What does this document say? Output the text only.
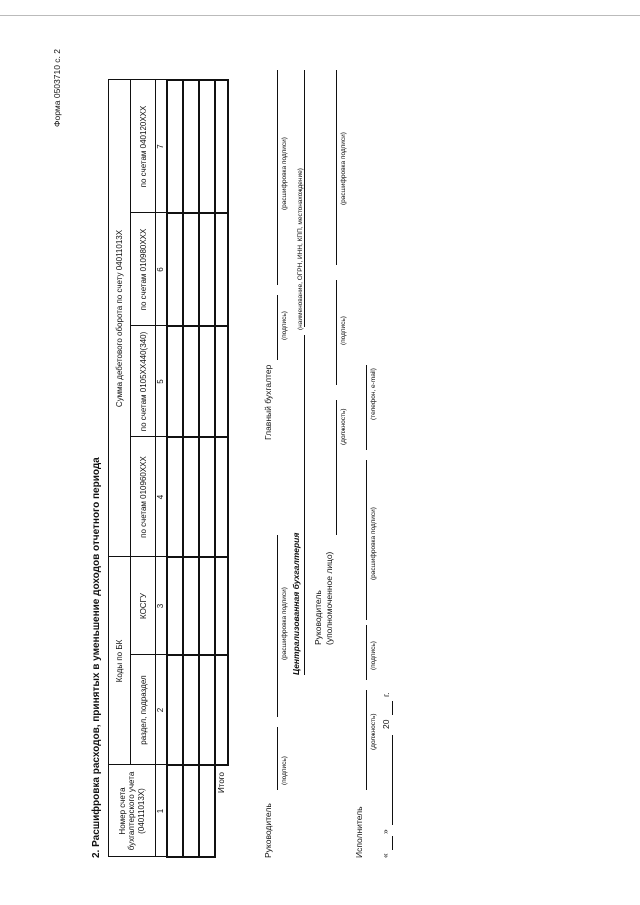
Форма 0503710 с. 2
2. Расшифровка расходов, принятых в уменьшение доходов отчетного периода Номер счета бухгалтерского учета (04011013Х)	Коды по БК		Сумма дебетового оборота по счету 04011013Х			
	раздел, подраздел	КОСГУ	по счетам 010960XXX	по счетам 0105XX440(340)	по счетам 010980XXX	по счетам 040120XXX
1	2	3	4	5	6	7

Итого						
Руководитель
(подпись)
(расшифровка подписи) Централизованная бухгалтерия Руководитель (уполномоченное лицо)
(должность)
Исполнитель
(должность)
(подпись)
(расшифровка подписи)
(телефон, e-mail)
«
»
20
г.
Главный бухгалтер
(подпись)
(расшифровка подписи) (наименование, ОГРН, ИНН, КПП, местонахождение)
(подпись)
(расшифровка подписи)
